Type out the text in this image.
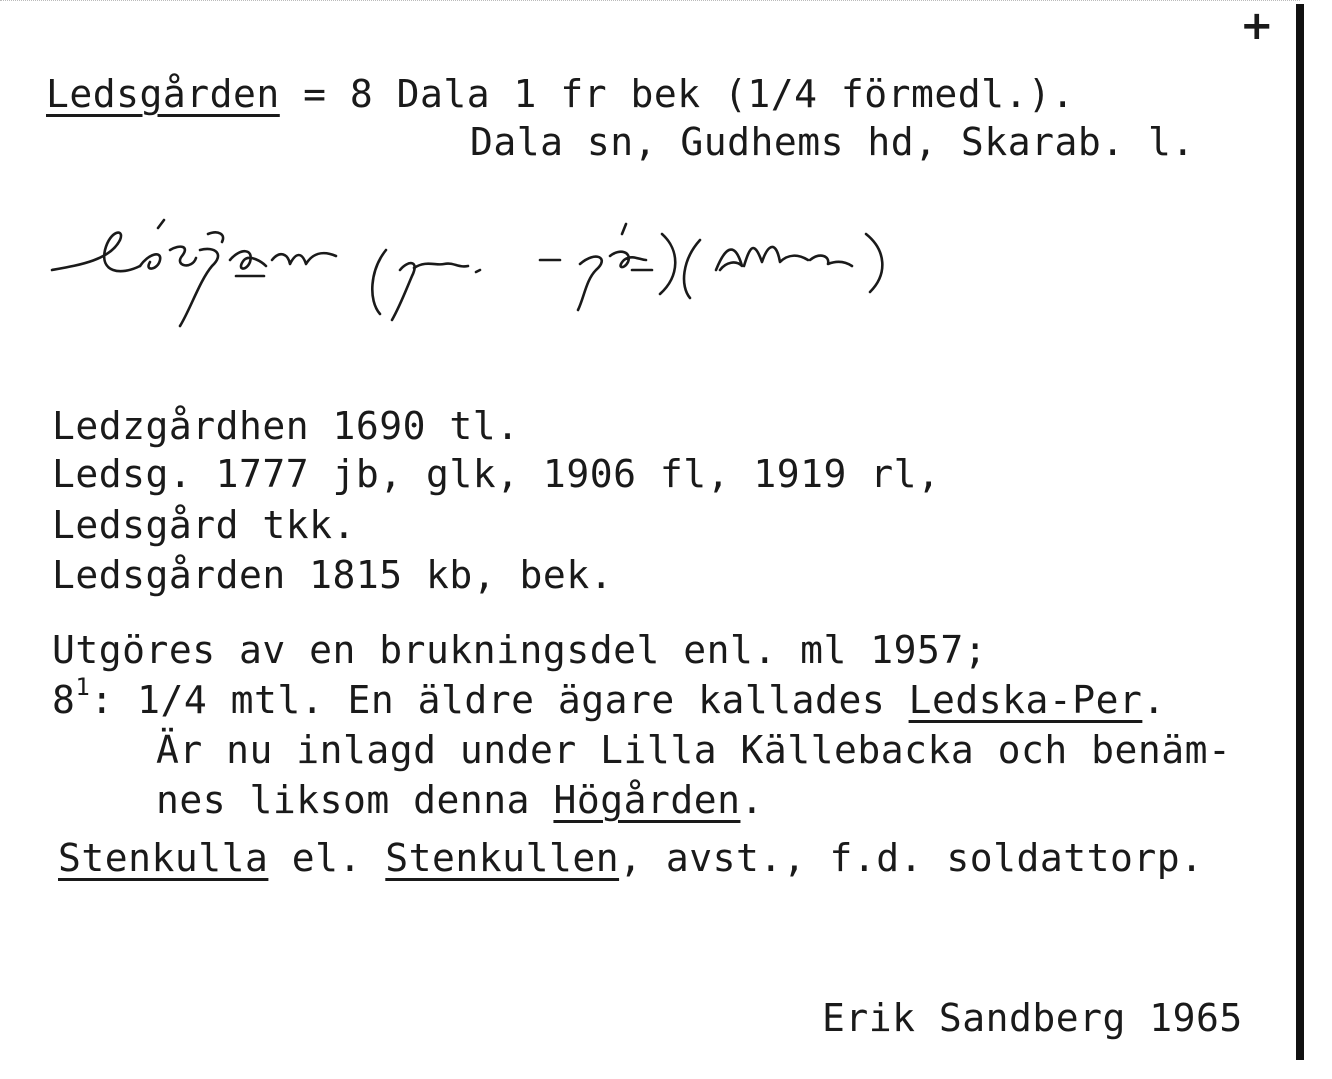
+
Ledsgården = 8 Dala 1 fr bek (1/4 förmedl.).
Dala sn, Gudhems hd, Skarab. l.
Ledzgårdhen 1690 tl.
Ledsg. 1777 jb, glk, 1906 fl, 1919 rl,
Ledsgård tkk.
Ledsgården 1815 kb, bek.
Utgöres av en brukningsdel enl. ml 1957;
$8^1$: 1/4 mtl. En äldre ägare kallades Ledska-Per.
Är nu inlagd under Lilla Källebacka och benäm-
nes liksom denna Högården.
Stenkulla el. Stenkullen, avst., f.d. soldattorp.
Erik Sandberg 1965
